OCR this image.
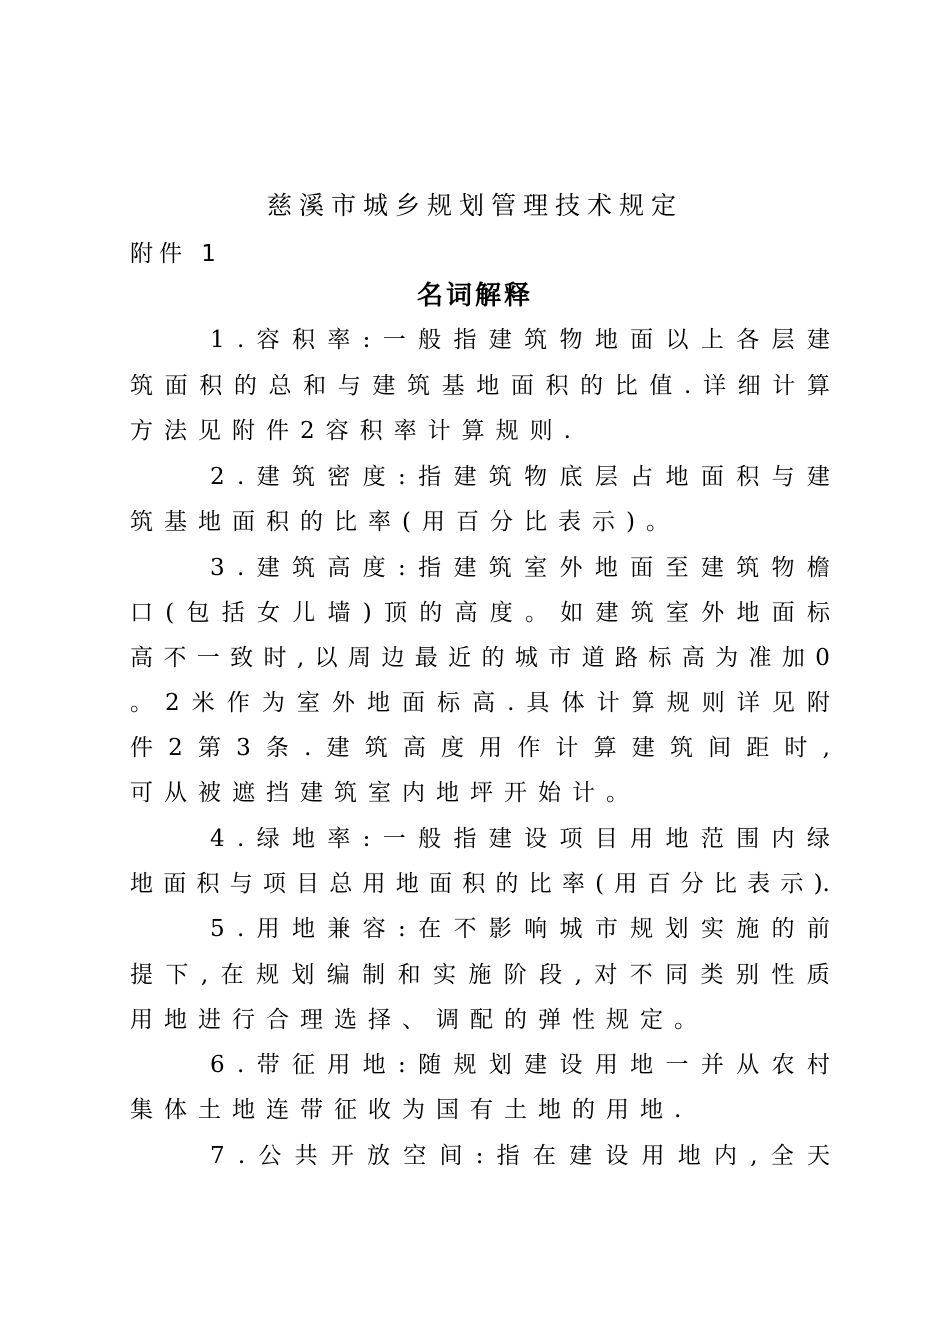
慈溪市城乡规划管理技术规定
附件 1
名词解释
1 . 容 积 率 : 一 般 指 建 筑 物 地 面 以 上 各 层 建
筑 面 积 的 总 和 与 建 筑 基 地 面 积 的 比 值 . 详 细 计 算
方 法 见 附 件 2 容 积 率 计 算 规 则 .
2 . 建 筑 密 度 : 指 建 筑 物 底 层 占 地 面 积 与 建
筑 基 地 面 积 的 比 率 ( 用 百 分 比 表 示 ) 。
3 . 建 筑 高 度 : 指 建 筑 室 外 地 面 至 建 筑 物 檐
口 ( 包 括 女 儿 墙 ) 顶 的 高 度 。 如 建 筑 室 外 地 面 标
高 不 一 致 时 , 以 周 边 最 近 的 城 市 道 路 标 高 为 准 加 0
。 2 米 作 为 室 外 地 面 标 高 . 具 体 计 算 规 则 详 见 附
件 2 第 3 条 . 建 筑 高 度 用 作 计 算 建 筑 间 距 时 ,
可 从 被 遮 挡 建 筑 室 内 地 坪 开 始 计 。
4 . 绿 地 率 : 一 般 指 建 设 项 目 用 地 范 围 内 绿
地 面 积 与 项 目 总 用 地 面 积 的 比 率 ( 用 百 分 比 表 示 ).
5 . 用 地 兼 容 : 在 不 影 响 城 市 规 划 实 施 的 前
提 下 , 在 规 划 编 制 和 实 施 阶 段 , 对 不 同 类 别 性 质
用 地 进 行 合 理 选 择 、 调 配 的 弹 性 规 定 。
6 . 带 征 用 地 : 随 规 划 建 设 用 地 一 并 从 农 村
集 体 土 地 连 带 征 收 为 国 有 土 地 的 用 地 .
7 . 公 共 开 放 空 间 : 指 在 建 设 用 地 内 , 全 天
